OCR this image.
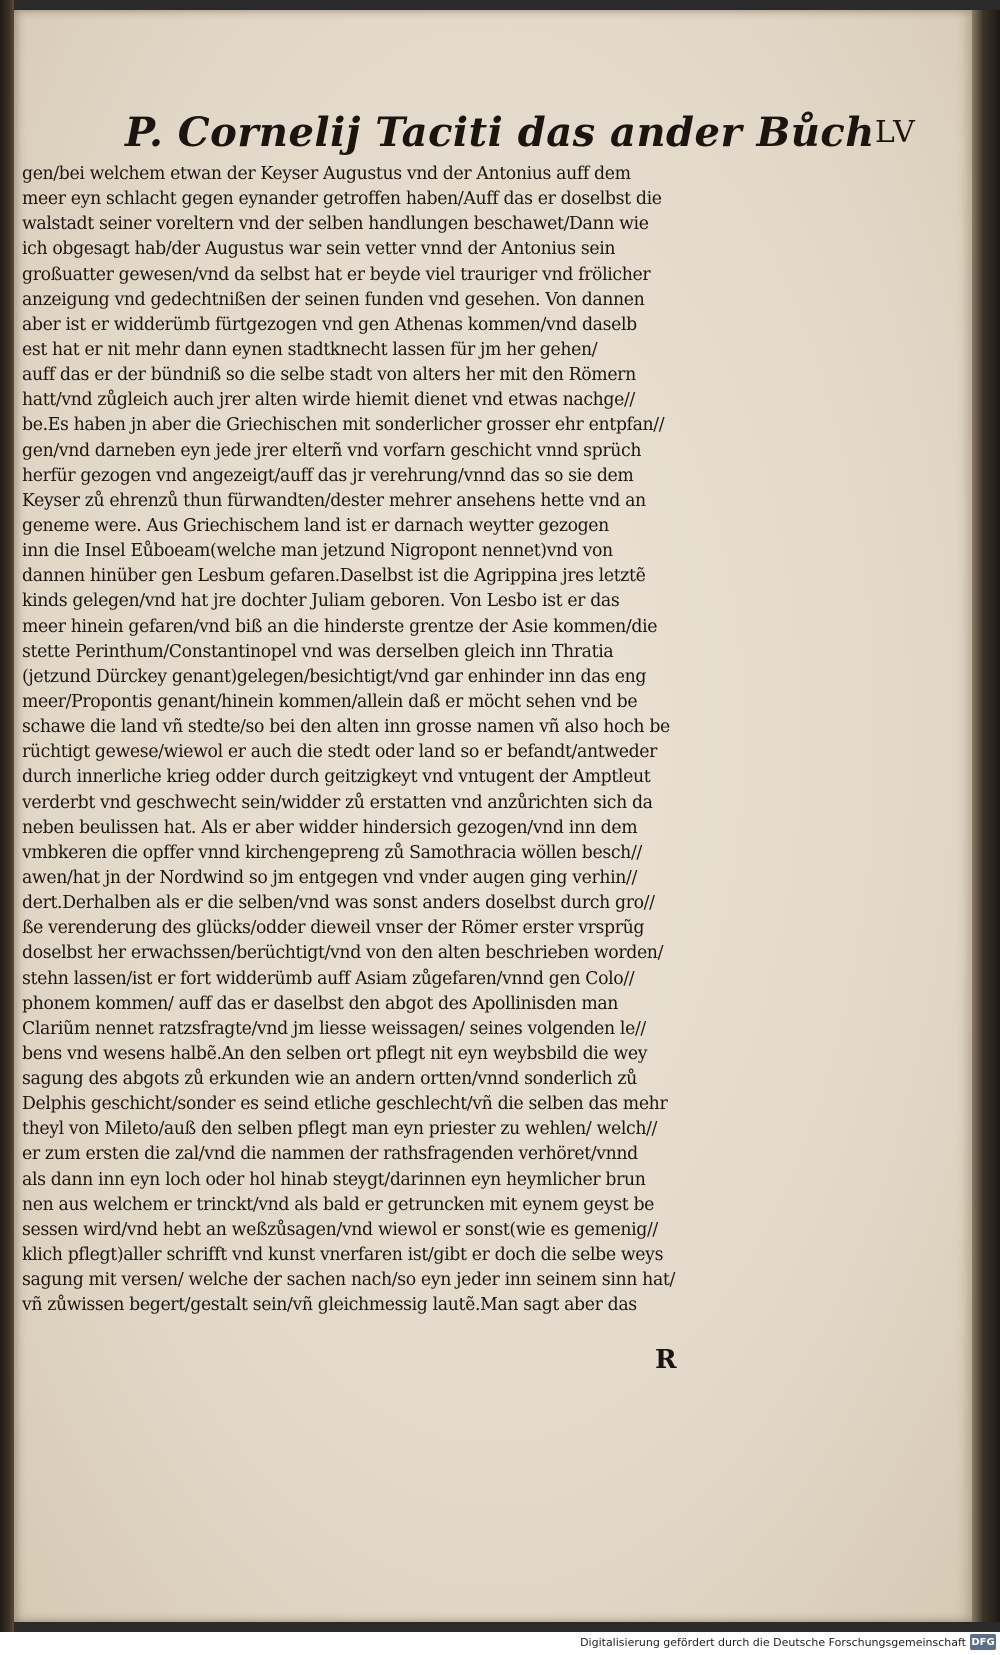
P. Cornelij Taciti das ander Bůch LV
gen/bei welchem etwan der Keyser Augustus vnd der Antonius auff dem
meer eyn schlacht gegen eynander getroffen haben/Auff das er doselbst die
walstadt seiner voreltern vnd der selben handlungen beschawet/Dann wie
ich obgesagt hab/der Augustus war sein vetter vnnd der Antonius sein
großuatter gewesen/vnd da selbst hat er beyde viel trauriger vnd frölicher
anzeigung vnd gedechtnißen der seinen funden vnd gesehen. Von dannen
aber ist er widderümb fürtgezogen vnd gen Athenas kommen/vnd daselb
est hat er nit mehr dann eynen stadtknecht lassen für jm her gehen/
auff das er der bündniß so die selbe stadt von alters her mit den Römern
hatt/vnd zůgleich auch jrer alten wirde hiemit dienet vnd etwas nachge//
be.Es haben jn aber die Griechischen mit sonderlicher grosser ehr entpfan//
gen/vnd darneben eyn jede jrer elterñ vnd vorfarn geschicht vnnd sprüch
herfür gezogen vnd angezeigt/auff das jr verehrung/vnnd das so sie dem
Keyser zů ehrenzů thun fürwandten/dester mehrer ansehens hette vnd an
geneme were. Aus Griechischem land ist er darnach weytter gezogen
inn die Insel Eůboeam(welche man jetzund Nigropont nennet)vnd von
dannen hinüber gen Lesbum gefaren.Daselbst ist die Agrippina jres letztẽ
kinds gelegen/vnd hat jre dochter Juliam geboren. Von Lesbo ist er das
meer hinein gefaren/vnd biß an die hinderste grentze der Asie kommen/die
stette Perinthum/Constantinopel vnd was derselben gleich inn Thratia
(jetzund Dürckey genant)gelegen/besichtigt/vnd gar enhinder inn das eng
meer/Propontis genant/hinein kommen/allein daß er möcht sehen vnd be
schawe die land vñ stedte/so bei den alten inn grosse namen vñ also hoch be
rüchtigt gewese/wiewol er auch die stedt oder land so er befandt/antweder
durch innerliche krieg odder durch geitzigkeyt vnd vntugent der Amptleut
verderbt vnd geschwecht sein/widder zů erstatten vnd anzůrichten sich da
neben beulissen hat. Als er aber widder hindersich gezogen/vnd inn dem
vmbkeren die opffer vnnd kirchengepreng zů Samothracia wöllen besch//
awen/hat jn der Nordwind so jm entgegen vnd vnder augen ging verhin//
dert.Derhalben als er die selben/vnd was sonst anders doselbst durch gro//
ße verenderung des glücks/odder dieweil vnser der Römer erster vrsprũg
doselbst her erwachssen/berüchtigt/vnd von den alten beschrieben worden/
stehn lassen/ist er fort widderümb auff Asiam zůgefaren/vnnd gen Colo//
phonem kommen/ auff das er daselbst den abgot des Apollinisden man
Clariũm nennet ratzsfragte/vnd jm liesse weissagen/ seines volgenden le//
bens vnd wesens halbẽ.An den selben ort pflegt nit eyn weybsbild die wey
sagung des abgots zů erkunden wie an andern ortten/vnnd sonderlich zů
Delphis geschicht/sonder es seind etliche geschlecht/vñ die selben das mehr
theyl von Mileto/auß den selben pflegt man eyn priester zu wehlen/ welch//
er zum ersten die zal/vnd die nammen der rathsfragenden verhöret/vnnd
als dann inn eyn loch oder hol hinab steygt/darinnen eyn heymlicher brun
nen aus welchem er trinckt/vnd als bald er getruncken mit eynem geyst be
sessen wird/vnd hebt an weßzůsagen/vnd wiewol er sonst(wie es gemenig//
klich pflegt)aller schrifft vnd kunst vnerfaren ist/gibt er doch die selbe weys
sagung mit versen/ welche der sachen nach/so eyn jeder inn seinem sinn hat/
vñ zůwissen begert/gestalt sein/vñ gleichmessig lautẽ.Man sagt aber das
R
Digitalisierung gefördert durch die Deutsche Forschungsgemeinschaft DFG
